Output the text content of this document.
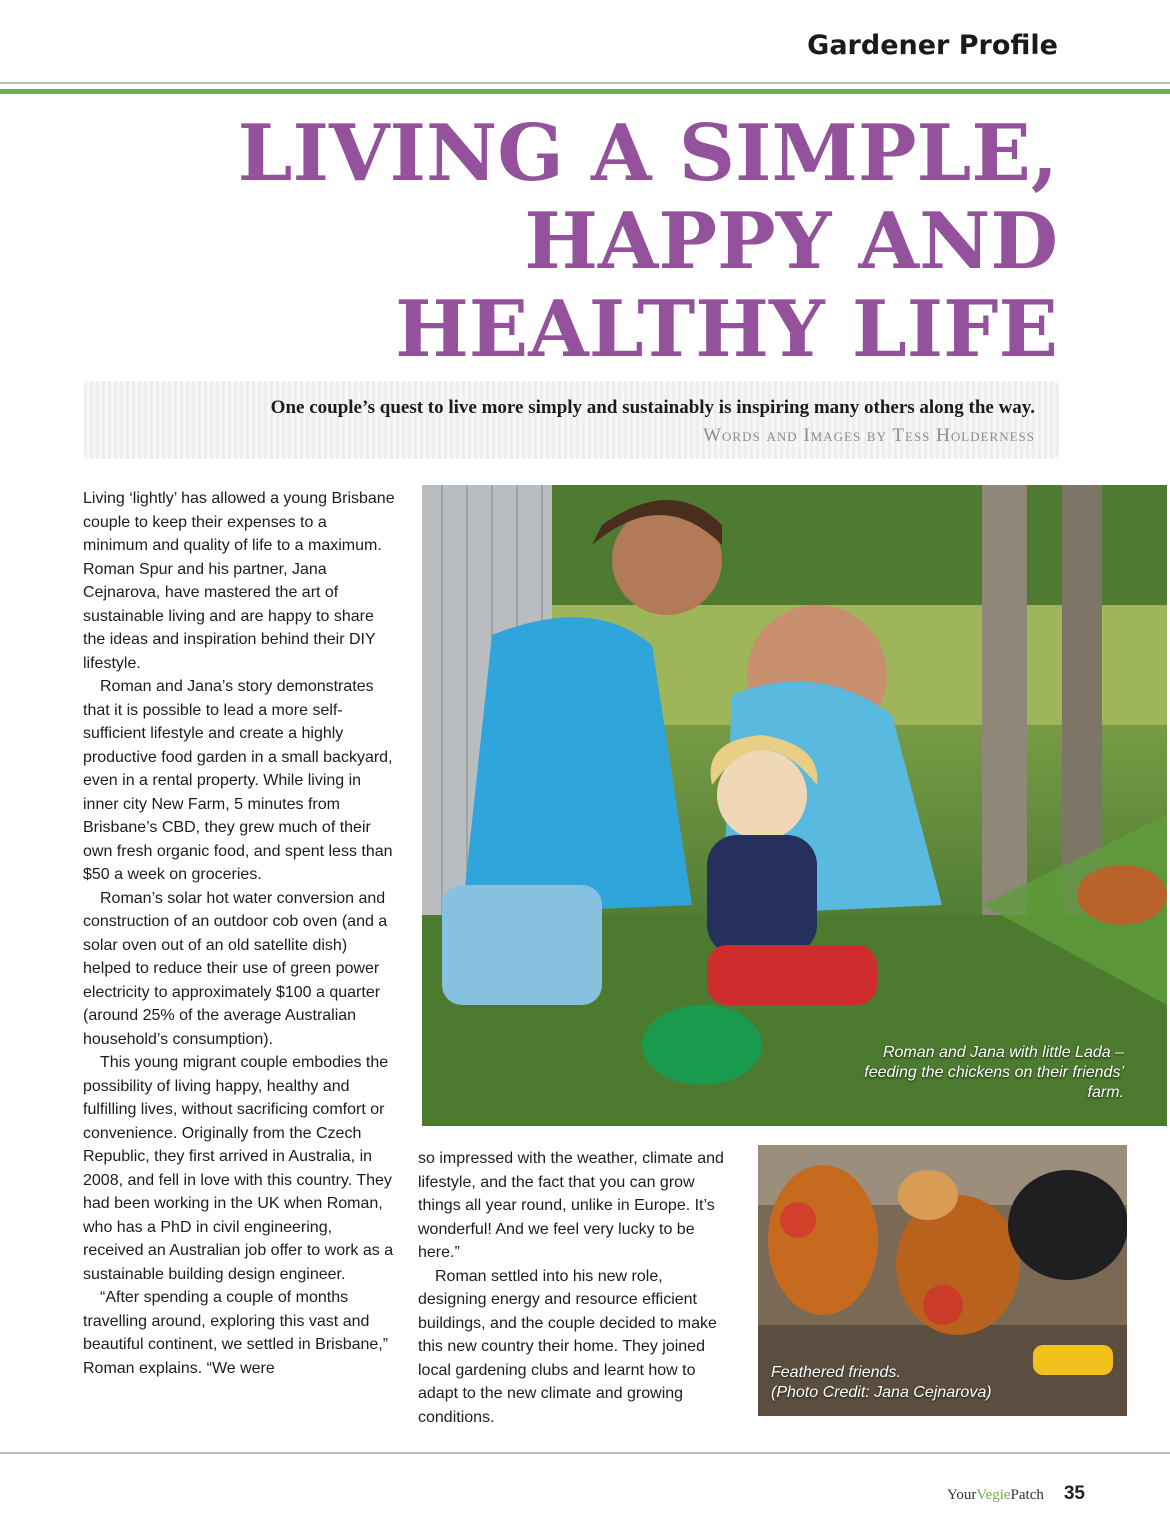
Gardener Profile
LIVING A SIMPLE,
HAPPY AND
HEALTHY LIFE
One couple’s quest to live more simply and sustainably is inspiring many others along the way. Words and Images by Tess Holderness

Living ‘lightly’ has allowed a young Brisbane couple to keep their expenses to a minimum and quality of life to a maximum. Roman Spur and his partner, Jana Cejnarova, have mastered the art of sustainable living and are happy to share the ideas and inspiration behind their DIY lifestyle.

Roman and Jana’s story demonstrates that it is possible to lead a more self-sufficient lifestyle and create a highly productive food garden in a small backyard, even in a rental property. While living in inner city New Farm, 5 minutes from Brisbane’s CBD, they grew much of their own fresh organic food, and spent less than $50 a week on groceries.

Roman’s solar hot water conversion and construction of an outdoor cob oven (and a solar oven out of an old satellite dish) helped to reduce their use of green power electricity to approximately $100 a quarter (around 25% of the average Australian household’s consumption).

This young migrant couple embodies the possibility of living happy, healthy and fulfilling lives, without sacrificing comfort or convenience. Originally from the Czech Republic, they first arrived in Australia, in 2008, and fell in love with this country. They had been working in the UK when Roman, who has a PhD in civil engineering, received an Australian job offer to work as a sustainable building design engineer.

“After spending a couple of months travelling around, exploring this vast and beautiful continent, we settled in Brisbane,” Roman explains. “We were

Roman and Jana with little Lada – feeding the chickens on their friends’ farm.

so impressed with the weather, climate and lifestyle, and the fact that you can grow things all year round, unlike in Europe. It’s wonderful! And we feel very lucky to be here.”

Roman settled into his new role, designing energy and resource efficient buildings, and the couple decided to make this new country their home. They joined local gardening clubs and learnt how to adapt to the new climate and growing conditions.

Feathered friends.
(Photo Credit: Jana Cejnarova)
YourVegiePatch 35
